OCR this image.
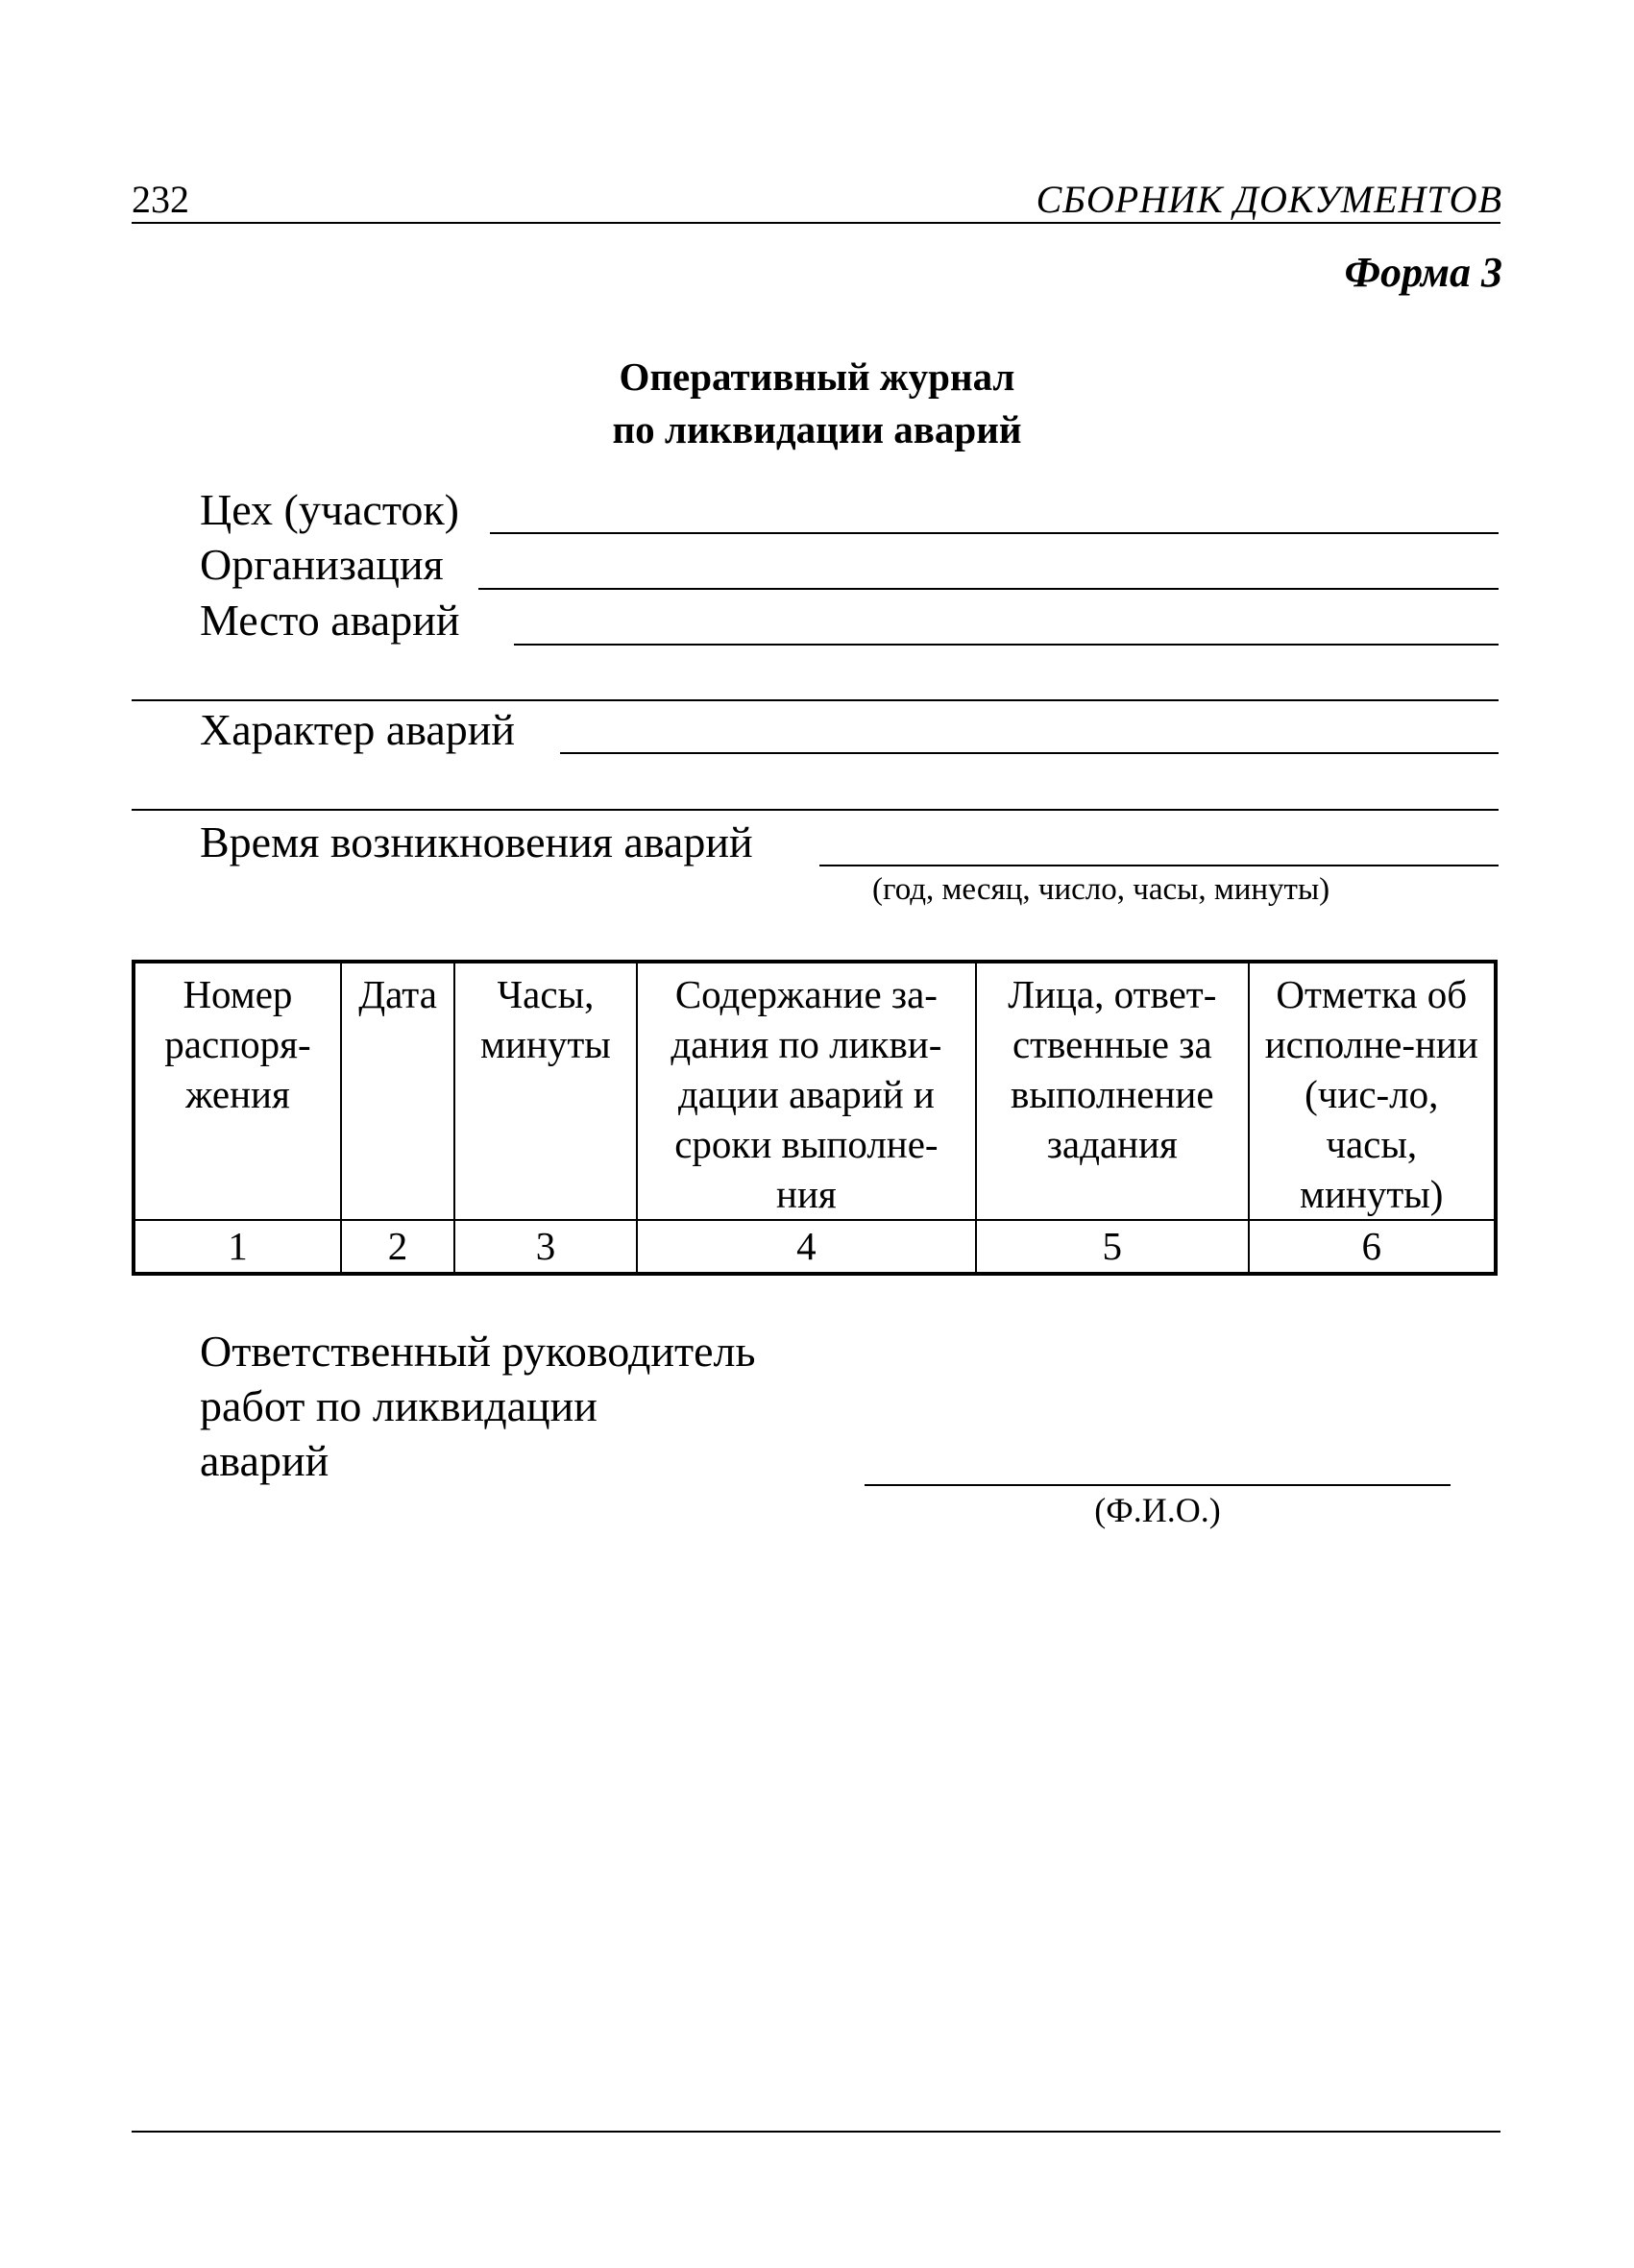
232	СБОРНИК ДОКУМЕНТОВ
Форма 3
Оперативный журнал
по ликвидации аварий
Цех (участок)
Организация
Место аварий
Характер аварий
Время возникновения аварий
(год, месяц, число, часы, минуты)
Номер распоря-жения	Дата	Часы, минуты	Содержание за-дания по ликви-дации аварий и сроки выполне-ния	Лица, ответ-ственные за выполнение задания	Отметка об исполне-нии (чис-ло, часы, минуты)

1	2	3	4	5	6
Ответственный руководитель
работ по ликвидации
аварий
(Ф.И.О.)
